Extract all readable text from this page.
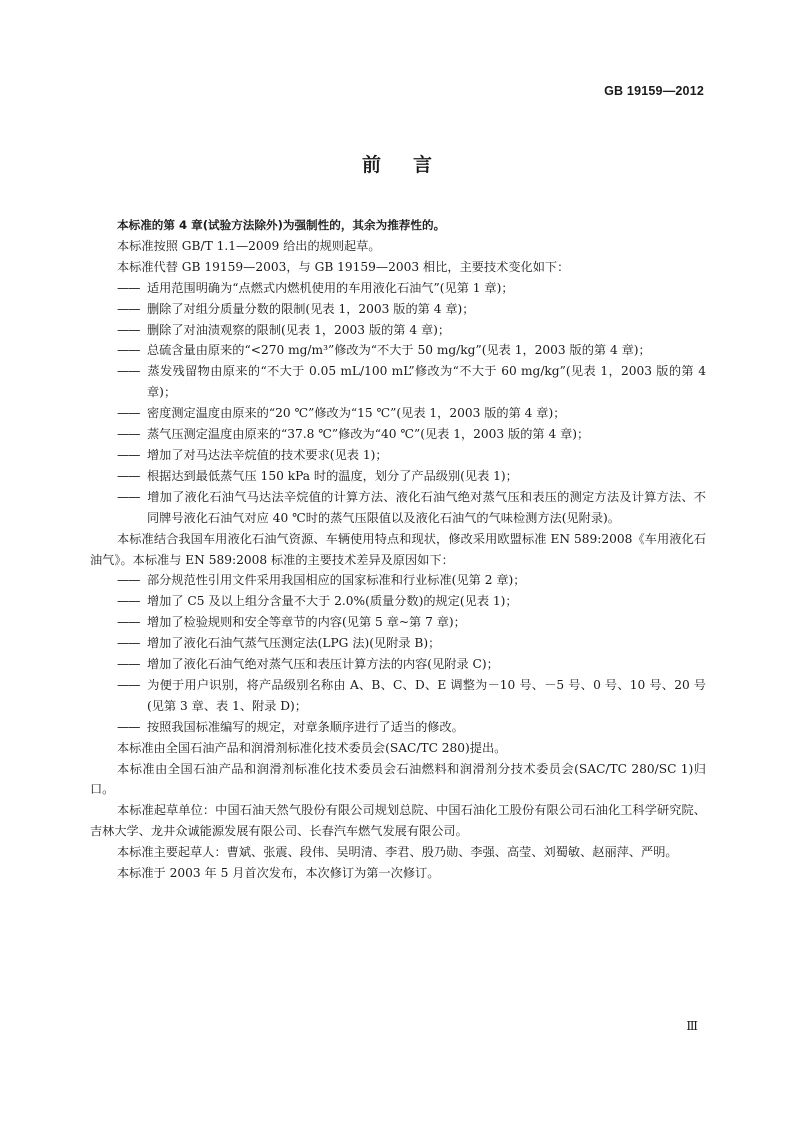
GB 19159—2012
前言

本标准的第 4 章(试验方法除外)为强制性的，其余为推荐性的。

本标准按照 GB/T 1.1—2009 给出的规则起草。

本标准代替 GB 19159—2003，与 GB 19159—2003 相比，主要技术变化如下：

—— 适用范围明确为“点燃式内燃机使用的车用液化石油气”(见第 1 章)；

—— 删除了对组分质量分数的限制(见表 1，2003 版的第 4 章)；

—— 删除了对油渍观察的限制(见表 1，2003 版的第 4 章)；

—— 总硫含量由原来的“<270 mg/m³”修改为“不大于 50 mg/kg”(见表 1，2003 版的第 4 章)；

—— 蒸发残留物由原来的“不大于 0.05 mL/100 mL”修改为“不大于 60 mg/kg”(见表 1，2003 版的第 4 章)；

—— 密度测定温度由原来的“20 ℃”修改为“15 ℃”(见表 1，2003 版的第 4 章)；

—— 蒸气压测定温度由原来的“37.8 ℃”修改为“40 ℃”(见表 1，2003 版的第 4 章)；

—— 增加了对马达法辛烷值的技术要求(见表 1)；

—— 根据达到最低蒸气压 150 kPa 时的温度，划分了产品级别(见表 1)；

—— 增加了液化石油气马达法辛烷值的计算方法、液化石油气绝对蒸气压和表压的测定方法及计算方法、不同牌号液化石油气对应 40 ℃时的蒸气压限值以及液化石油气的气味检测方法(见附录)。

本标准结合我国车用液化石油气资源、车辆使用特点和现状，修改采用欧盟标准 EN 589:2008《车用液化石油气》。本标准与 EN 589:2008 标准的主要技术差异及原因如下：

—— 部分规范性引用文件采用我国相应的国家标准和行业标准(见第 2 章)；

—— 增加了 C5 及以上组分含量不大于 2.0%(质量分数)的规定(见表 1)；

—— 增加了检验规则和安全等章节的内容(见第 5 章~第 7 章)；

—— 增加了液化石油气蒸气压测定法(LPG 法)(见附录 B)；

—— 增加了液化石油气绝对蒸气压和表压计算方法的内容(见附录 C)；

—— 为便于用户识别，将产品级别名称由 A、B、C、D、E 调整为－10 号、－5 号、0 号、10 号、20 号(见第 3 章、表 1、附录 D)；

—— 按照我国标准编写的规定，对章条顺序进行了适当的修改。

本标准由全国石油产品和润滑剂标准化技术委员会(SAC/TC 280)提出。

本标准由全国石油产品和润滑剂标准化技术委员会石油燃料和润滑剂分技术委员会(SAC/TC 280/SC 1)归口。

本标准起草单位：中国石油天然气股份有限公司规划总院、中国石油化工股份有限公司石油化工科学研究院、吉林大学、龙井众诚能源发展有限公司、长春汽车燃气发展有限公司。

本标准主要起草人：曹斌、张震、段伟、吴明清、李君、殷乃勋、李强、高莹、刘蜀敏、赵丽萍、严明。

本标准于 2003 年 5 月首次发布，本次修订为第一次修订。

Ⅲ
